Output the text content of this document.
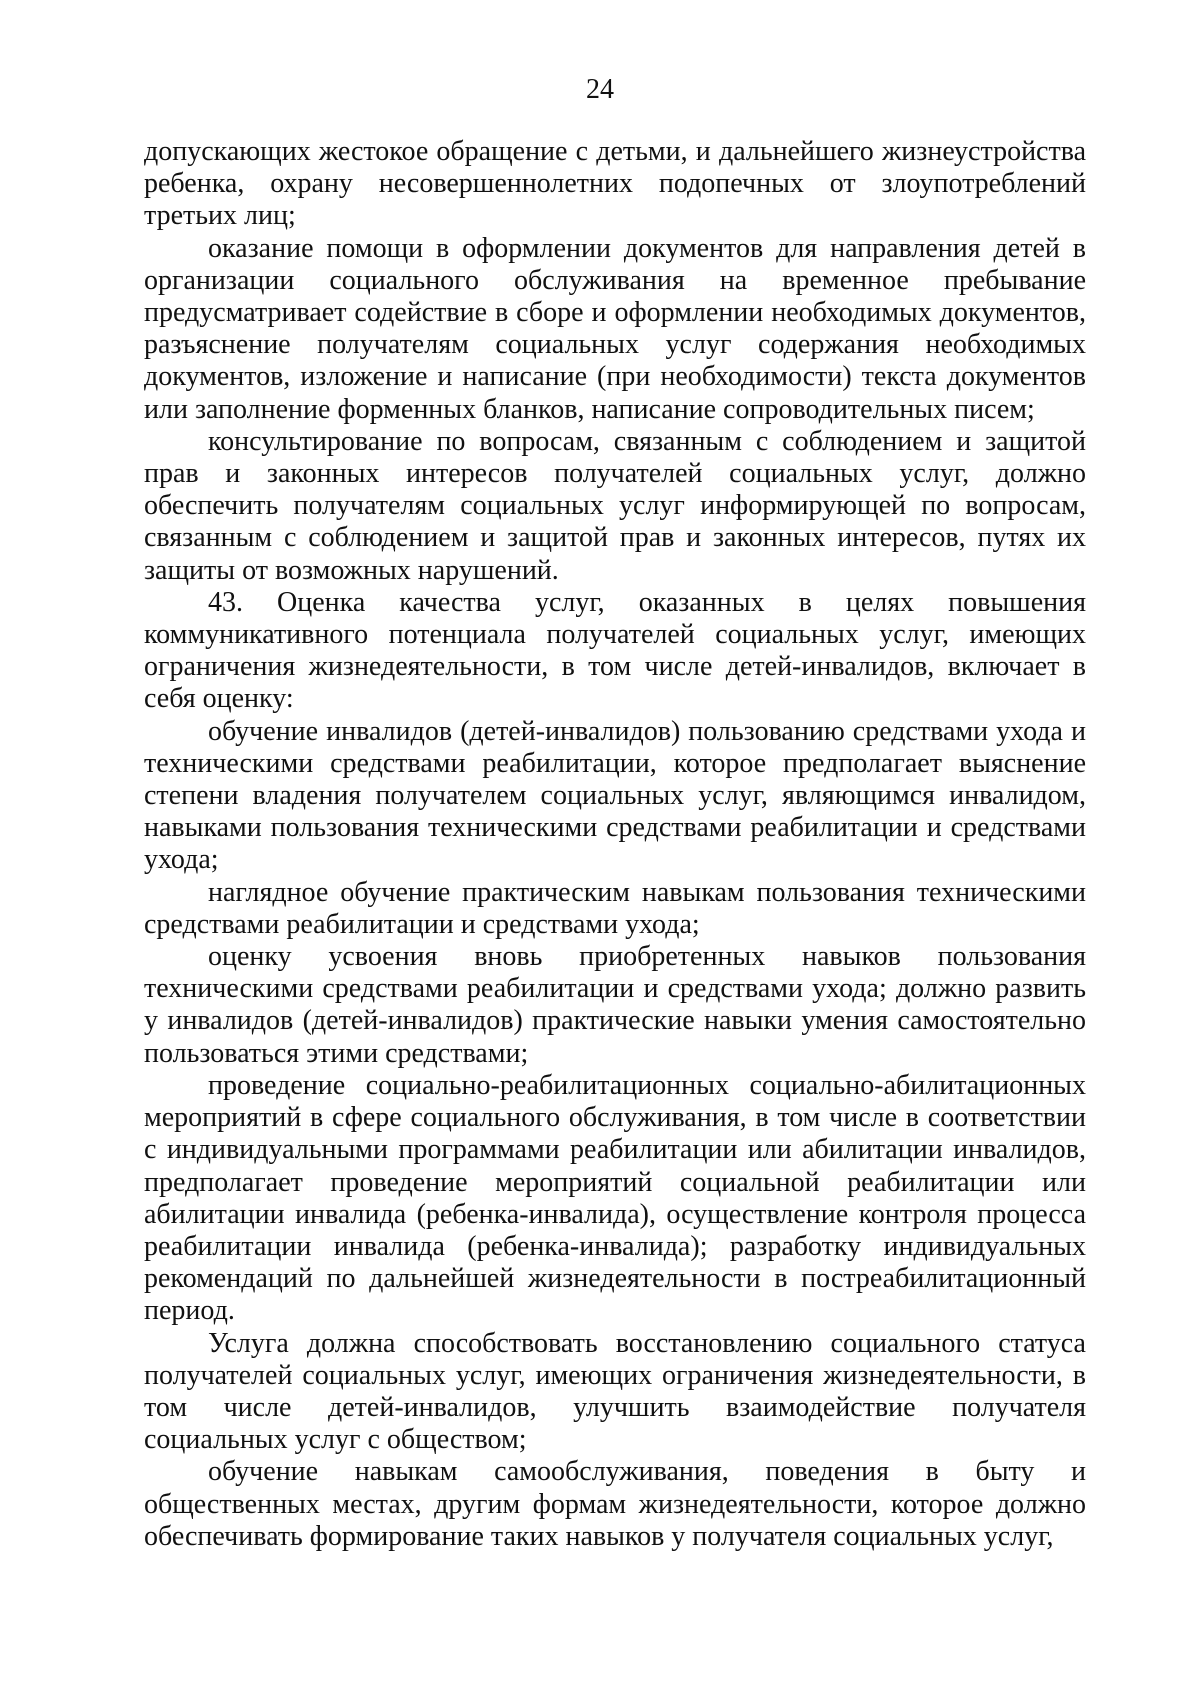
24

допускающих жестокое обращение с детьми, и дальнейшего жизнеустройства ребенка, охрану несовершеннолетних подопечных от злоупотреблений третьих лиц;

оказание помощи в оформлении документов для направления детей в организации социального обслуживания на временное пребывание предусматривает содействие в сборе и оформлении необходимых документов, разъяснение получателям социальных услуг содержания необходимых документов, изложение и написание (при необходимости) текста документов или заполнение форменных бланков, написание сопроводительных писем;

консультирование по вопросам, связанным с соблюдением и защитой прав и законных интересов получателей социальных услуг, должно обеспечить получателям социальных услуг информирующей по вопросам, связанным с соблюдением и защитой прав и законных интересов, путях их защиты от возможных нарушений.

43. Оценка качества услуг, оказанных в целях повышения коммуникативного потенциала получателей социальных услуг, имеющих ограничения жизнедеятельности, в том числе детей-инвалидов, включает в себя оценку:

обучение инвалидов (детей-инвалидов) пользованию средствами ухода и техническими средствами реабилитации, которое предполагает выяснение степени владения получателем социальных услуг, являющимся инвалидом, навыками пользования техническими средствами реабилитации и средствами ухода;

наглядное обучение практическим навыкам пользования техническими средствами реабилитации и средствами ухода;

оценку усвоения вновь приобретенных навыков пользования техническими средствами реабилитации и средствами ухода; должно развить у инвалидов (детей-инвалидов) практические навыки умения самостоятельно пользоваться этими средствами;

проведение социально-реабилитационных социально-абилитационных мероприятий в сфере социального обслуживания, в том числе в соответствии с индивидуальными программами реабилитации или абилитации инвалидов, предполагает проведение мероприятий социальной реабилитации или абилитации инвалида (ребенка-инвалида), осуществление контроля процесса реабилитации инвалида (ребенка-инвалида); разработку индивидуальных рекомендаций по дальнейшей жизнедеятельности в постреабилитационный период.

Услуга должна способствовать восстановлению социального статуса получателей социальных услуг, имеющих ограничения жизнедеятельности, в том числе детей-инвалидов, улучшить взаимодействие получателя социальных услуг с обществом;

обучение навыкам самообслуживания, поведения в быту и общественных местах, другим формам жизнедеятельности, которое должно обеспечивать формирование таких навыков у получателя социальных услуг,
